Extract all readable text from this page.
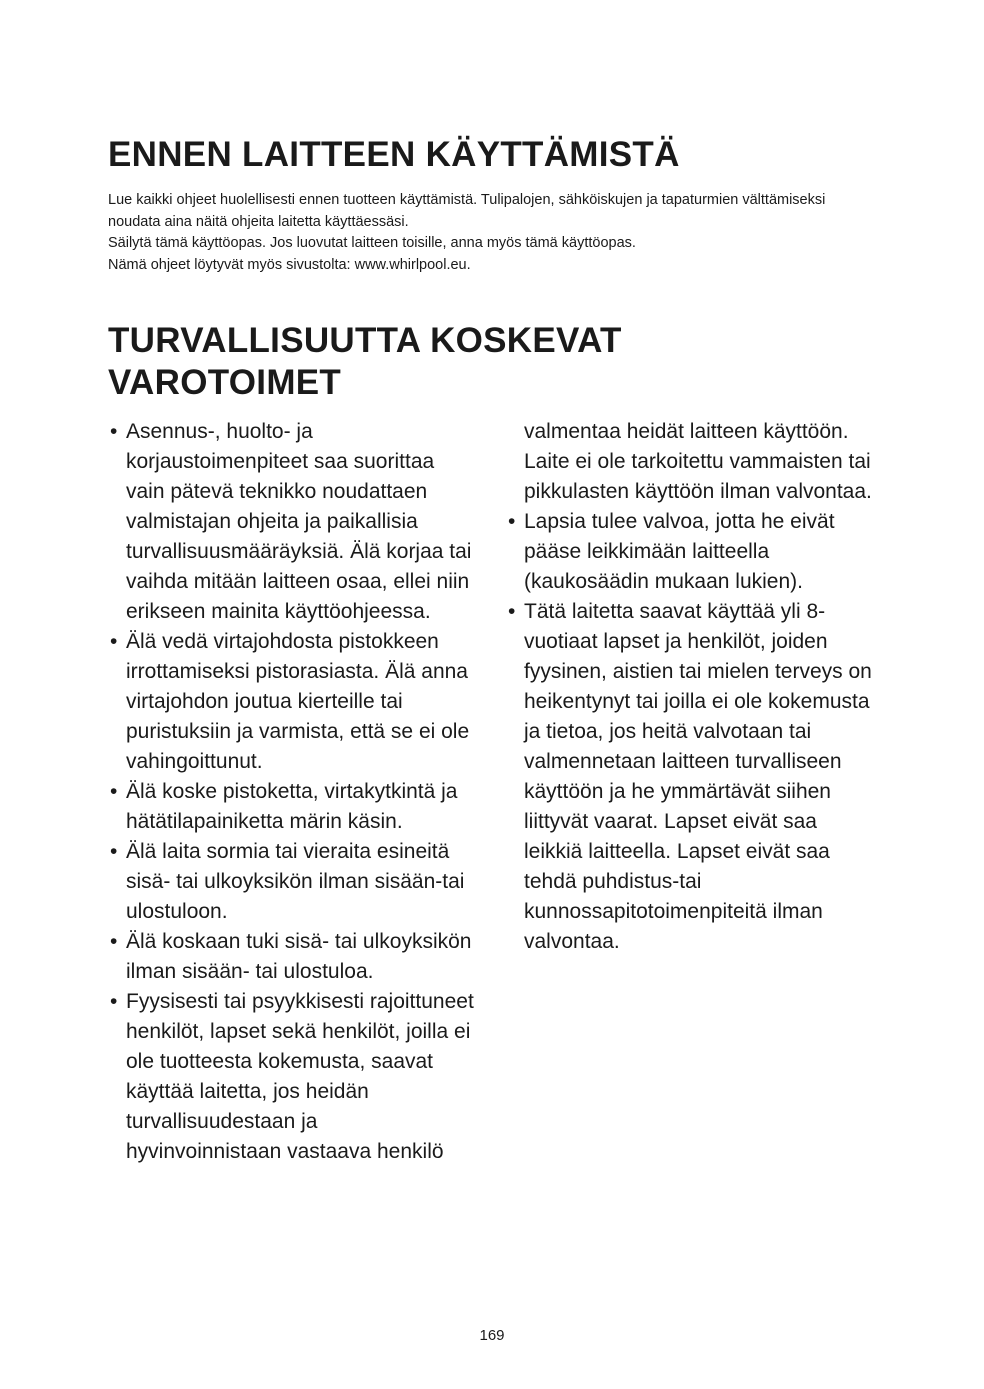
ENNEN LAITTEEN KÄYTTÄMISTÄ

Lue kaikki ohjeet huolellisesti ennen tuotteen käyttämistä. Tulipalojen, sähköiskujen ja tapaturmien välttämiseksi noudata aina näitä ohjeita laitetta käyttäessäsi.

Säilytä tämä käyttöopas. Jos luovutat laitteen toisille, anna myös tämä käyttöopas.

Nämä ohjeet löytyvät myös sivustolta: www.whirlpool.eu.

TURVALLISUUTTA KOSKEVAT VAROTOIMET
• Asennus-, huolto- ja korjaustoimenpiteet saa suorittaa vain pätevä teknikko noudattaen valmistajan ohjeita ja paikallisia turvallisuusmääräyksiä. Älä korjaa tai vaihda mitään laitteen osaa, ellei niin erikseen mainita käyttöohjeessa.
• Älä vedä virtajohdosta pistokkeen irrottamiseksi pistorasiasta. Älä anna virtajohdon joutua kierteille tai puristuksiin ja varmista, että se ei ole vahingoittunut.
• Älä koske pistoketta, virtakytkintä ja hätätilapainiketta märin käsin.
• Älä laita sormia tai vieraita esineitä sisä- tai ulkoyksikön ilman sisään-tai ulostuloon.
• Älä koskaan tuki sisä- tai ulkoyksikön ilman sisään- tai ulostuloa.
• Fyysisesti tai psyykkisesti rajoittuneet henkilöt, lapset sekä henkilöt, joilla ei ole tuotteesta kokemusta, saavat käyttää laitetta, jos heidän turvallisuudestaan ja hyvinvoinnistaan vastaava henkilö

valmentaa heidät laitteen käyttöön. Laite ei ole tarkoitettu vammaisten tai pikkulasten käyttöön ilman valvontaa.

• Lapsia tulee valvoa, jotta he eivät pääse leikkimään laitteella (kaukosäädin mukaan lukien).
• Tätä laitetta saavat käyttää yli 8-vuotiaat lapset ja henkilöt, joiden fyysinen, aistien tai mielen terveys on heikentynyt tai joilla ei ole kokemusta ja tietoa, jos heitä valvotaan tai valmennetaan laitteen turvalliseen käyttöön ja he ymmärtävät siihen liittyvät vaarat. Lapset eivät saa leikkiä laitteella. Lapset eivät saa tehdä puhdistus-tai kunnossapitotoimenpiteitä ilman valvontaa.
169
